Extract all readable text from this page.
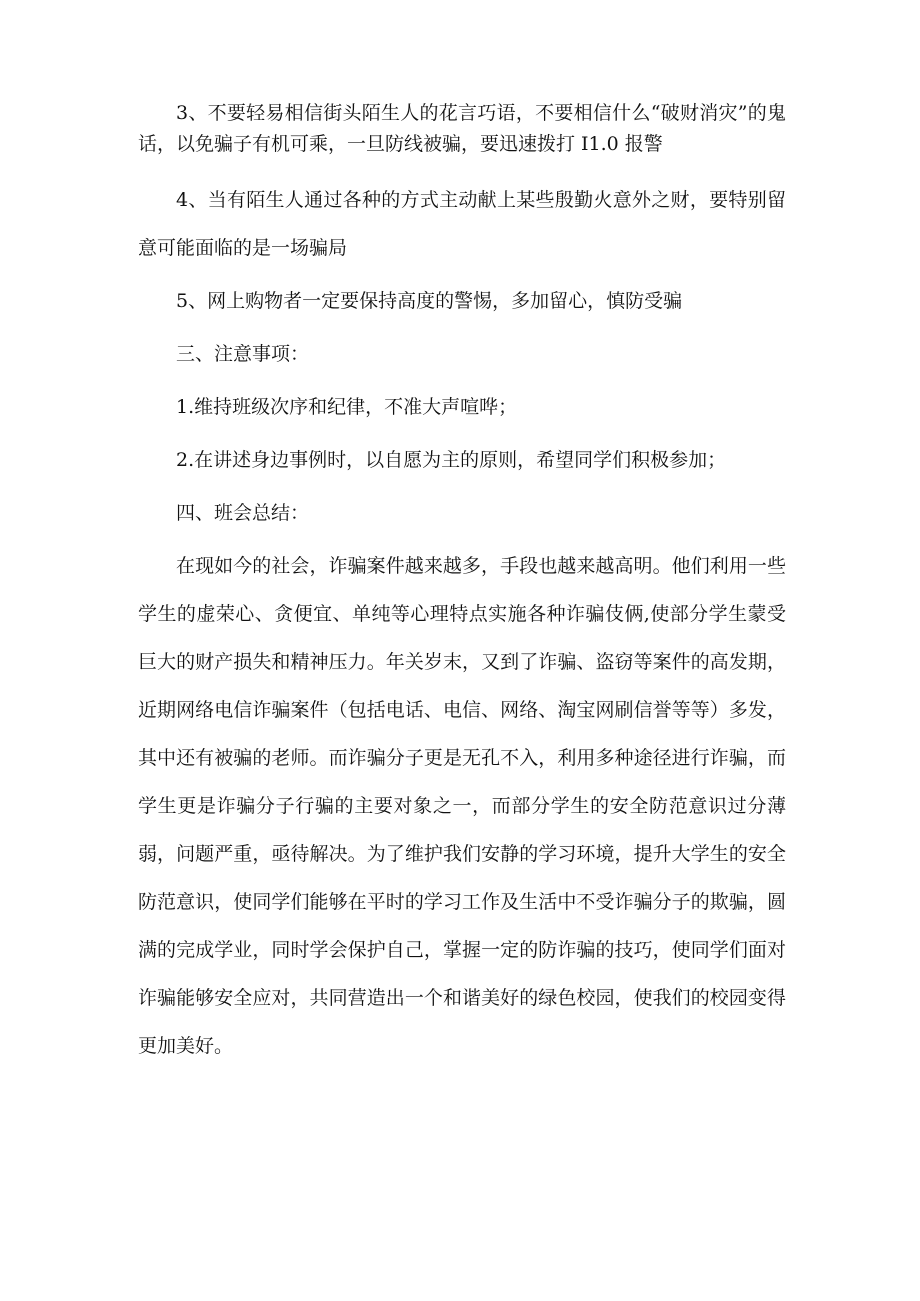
3、不要轻易相信街头陌生人的花言巧语，不要相信什么“破财消灾”的鬼话，以免骗子有机可乘，一旦防线被骗，要迅速拨打 I1.0 报警

4、当有陌生人通过各种的方式主动献上某些殷勤火意外之财，要特别留意可能面临的是一场骗局

5、网上购物者一定要保持高度的警惕，多加留心，慎防受骗

三、注意事项：

1.维持班级次序和纪律，不准大声喧哗；

2.在讲述身边事例时，以自愿为主的原则，希望同学们积极参加；

四、班会总结：

在现如今的社会，诈骗案件越来越多，手段也越来越高明。他们利用一些学生的虚荣心、贪便宜、单纯等心理特点实施各种诈骗伎俩,使部分学生蒙受巨大的财产损失和精神压力。年关岁末，又到了诈骗、盗窃等案件的高发期，近期网络电信诈骗案件（包括电话、电信、网络、淘宝网刷信誉等等）多发，其中还有被骗的老师。而诈骗分子更是无孔不入，利用多种途径进行诈骗，而学生更是诈骗分子行骗的主要对象之一，而部分学生的安全防范意识过分薄弱，问题严重，亟待解决。为了维护我们安静的学习环境，提升大学生的安全防范意识，使同学们能够在平时的学习工作及生活中不受诈骗分子的欺骗，圆满的完成学业，同时学会保护自己，掌握一定的防诈骗的技巧，使同学们面对诈骗能够安全应对，共同营造出一个和谐美好的绿色校园，使我们的校园变得更加美好。
